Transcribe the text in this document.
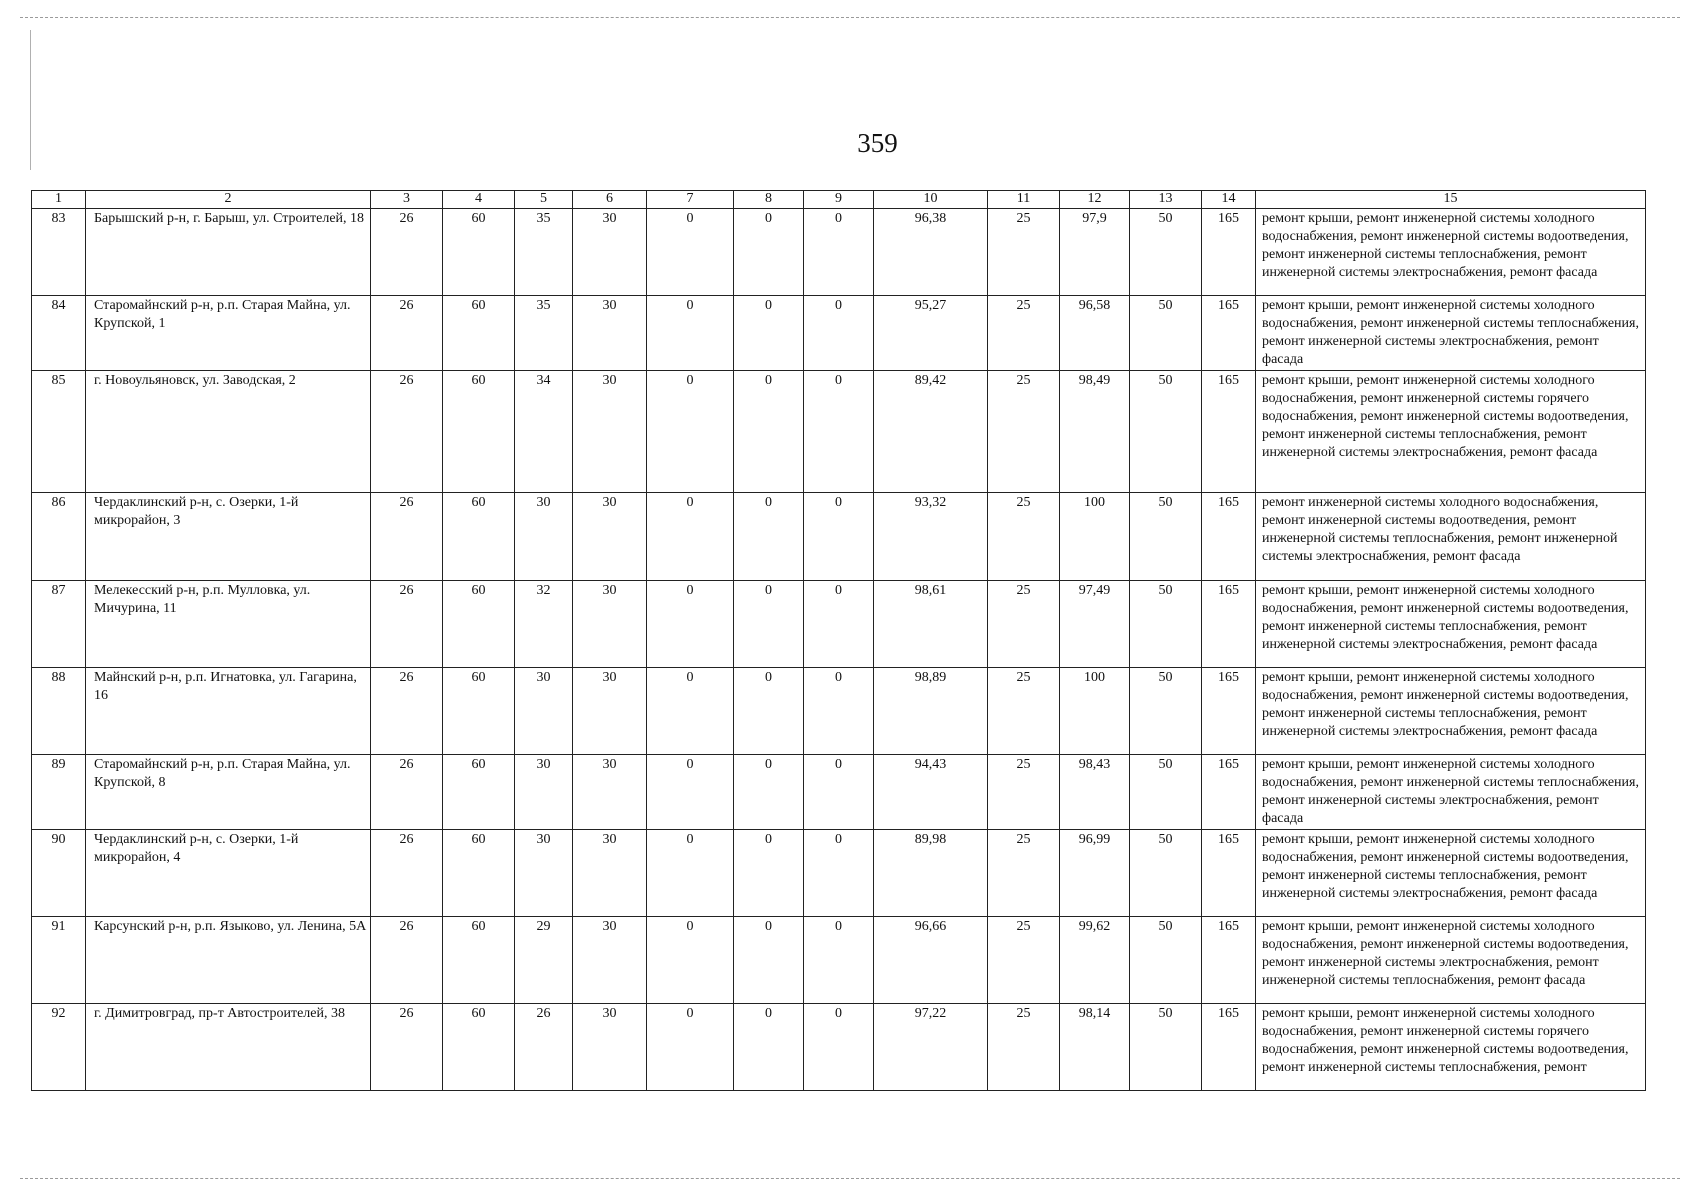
359
1	2	3	4	5	6	7	8	9	10	11	12	13	14	15
83	Барышский р-н, г. Барыш, ул. Строителей, 18	26	60	35	30	0	0	0	96,38	25	97,9	50	165	ремонт крыши, ремонт инженерной системы холодного водоснабжения, ремонт инженерной системы водоотведения, ремонт инженерной системы теплоснабжения, ремонт инженерной системы электроснабжения, ремонт фасада
84	Старомайнский р-н, р.п. Старая Майна, ул. Крупской, 1	26	60	35	30	0	0	0	95,27	25	96,58	50	165	ремонт крыши, ремонт инженерной системы холодного водоснабжения, ремонт инженерной системы теплоснабжения, ремонт инженерной системы электроснабжения, ремонт фасада
85	г. Новоульяновск, ул. Заводская, 2	26	60	34	30	0	0	0	89,42	25	98,49	50	165	ремонт крыши, ремонт инженерной системы холодного водоснабжения, ремонт инженерной системы горячего водоснабжения, ремонт инженерной системы водоотведения, ремонт инженерной системы теплоснабжения, ремонт инженерной системы электроснабжения, ремонт фасада
86	Чердаклинский р-н, с. Озерки, 1-й микрорайон, 3	26	60	30	30	0	0	0	93,32	25	100	50	165	ремонт инженерной системы холодного водоснабжения, ремонт инженерной системы водоотведения, ремонт инженерной системы теплоснабжения, ремонт инженерной системы электроснабжения, ремонт фасада
87	Мелекесский р-н, р.п. Мулловка, ул. Мичурина, 11	26	60	32	30	0	0	0	98,61	25	97,49	50	165	ремонт крыши, ремонт инженерной системы холодного водоснабжения, ремонт инженерной системы водоотведения, ремонт инженерной системы теплоснабжения, ремонт инженерной системы электроснабжения, ремонт фасада
88	Майнский р-н, р.п. Игнатовка, ул. Гагарина, 16	26	60	30	30	0	0	0	98,89	25	100	50	165	ремонт крыши, ремонт инженерной системы холодного водоснабжения, ремонт инженерной системы водоотведения, ремонт инженерной системы теплоснабжения, ремонт инженерной системы электроснабжения, ремонт фасада
89	Старомайнский р-н, р.п. Старая Майна, ул. Крупской, 8	26	60	30	30	0	0	0	94,43	25	98,43	50	165	ремонт крыши, ремонт инженерной системы холодного водоснабжения, ремонт инженерной системы теплоснабжения, ремонт инженерной системы электроснабжения, ремонт фасада
90	Чердаклинский р-н, с. Озерки, 1-й микрорайон, 4	26	60	30	30	0	0	0	89,98	25	96,99	50	165	ремонт крыши, ремонт инженерной системы холодного водоснабжения, ремонт инженерной системы водоотведения, ремонт инженерной системы теплоснабжения, ремонт инженерной системы электроснабжения, ремонт фасада
91	Карсунский р-н, р.п. Языково, ул. Ленина, 5А	26	60	29	30	0	0	0	96,66	25	99,62	50	165	ремонт крыши, ремонт инженерной системы холодного водоснабжения, ремонт инженерной системы водоотведения, ремонт инженерной системы электроснабжения, ремонт инженерной системы теплоснабжения, ремонт фасада
92	г. Димитровград, пр-т Автостроителей, 38	26	60	26	30	0	0	0	97,22	25	98,14	50	165	ремонт крыши, ремонт инженерной системы холодного водоснабжения, ремонт инженерной системы горячего водоснабжения, ремонт инженерной системы водоотведения, ремонт инженерной системы теплоснабжения, ремонт
